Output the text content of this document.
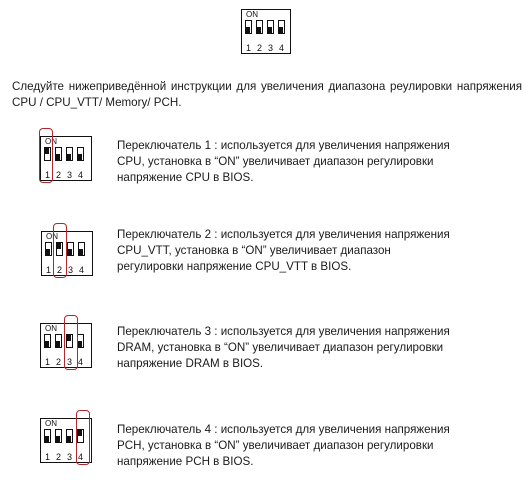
ON
1 2 3 4
Следуйте нижеприведённой инструкции для увеличения диапазона реулировки напряжения CPU / CPU_VTT/ Memory/ PCH.
ON
1 2 3 4

Переключатель 1 : используется для увеличения напряжения

CPU, установка в “ON” увеличивает диапазон регулировки

напряжение CPU в BIOS.

ON
1 2 3 4

Переключатель 2 : используется для увеличения напряжения

CPU_VTT, установка в “ON” увеличивает диапазон

регулировки напряжение CPU_VTT в BIOS.

ON
1 2 3 4

Переключатель 3 : используется для увеличения напряжения

DRAM, установка в “ON” увеличивает диапазон регулировки

напряжение DRAM в BIOS.

ON
1 2 3 4

Переключатель 4 : используется для увеличения напряжения

PCH, установка в “ON” увеличивает диапазон регулировки

напряжение PCH в BIOS.
